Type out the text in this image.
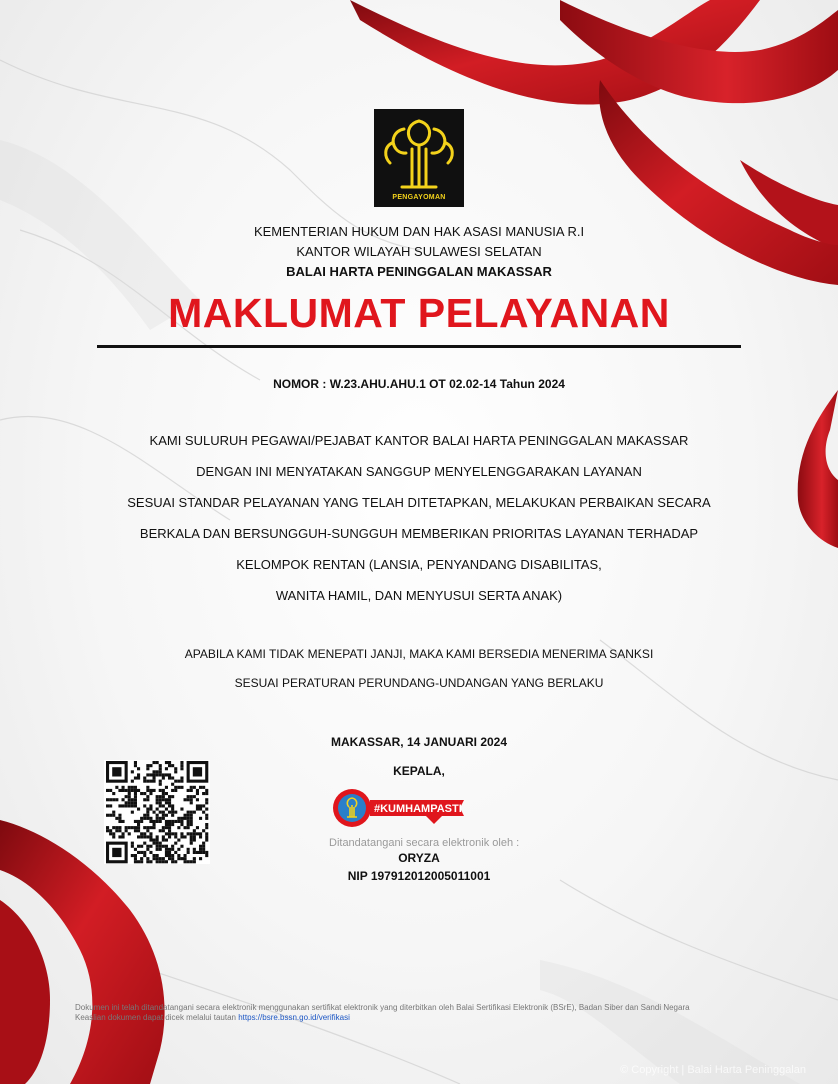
PENGAYOMAN
KEMENTERIAN HUKUM DAN HAK ASASI MANUSIA R.I
KANTOR WILAYAH SULAWESI SELATAN
BALAI HARTA PENINGGALAN MAKASSAR
MAKLUMAT PELAYANAN
NOMOR : W.23.AHU.AHU.1 OT 02.02-14 Tahun 2024
KAMI SULURUH PEGAWAI/PEJABAT KANTOR BALAI HARTA PENINGGALAN MAKASSAR
DENGAN INI MENYATAKAN SANGGUP MENYELENGGARAKAN LAYANAN
SESUAI STANDAR PELAYANAN YANG TELAH DITETAPKAN, MELAKUKAN PERBAIKAN SECARA
BERKALA DAN BERSUNGGUH-SUNGGUH MEMBERIKAN PRIORITAS LAYANAN TERHADAP
KELOMPOK RENTAN (LANSIA, PENYANDANG DISABILITAS,
WANITA HAMIL, DAN MENYUSUI SERTA ANAK)
APABILA KAMI TIDAK MENEPATI JANJI, MAKA KAMI BERSEDIA MENERIMA SANKSI
SESUAI PERATURAN PERUNDANG-UNDANGAN YANG BERLAKU
MAKASSAR, 14 JANUARI 2024
KEPALA,
#KUMHAMPASTI
Ditandatangani secara elektronik oleh :
ORYZA
NIP 197912012005011001
Dokumen ini telah ditandatangani secara elektronik menggunakan sertifikat elektronik yang diterbitkan oleh Balai Sertifikasi Elektronik (BSrE), Badan Siber dan Sandi Negara
Keaslian dokumen dapat dicek melalui tautan https://bsre.bssn.go.id/verifikasi
© Copyright | Balai Harta Peninggalan
